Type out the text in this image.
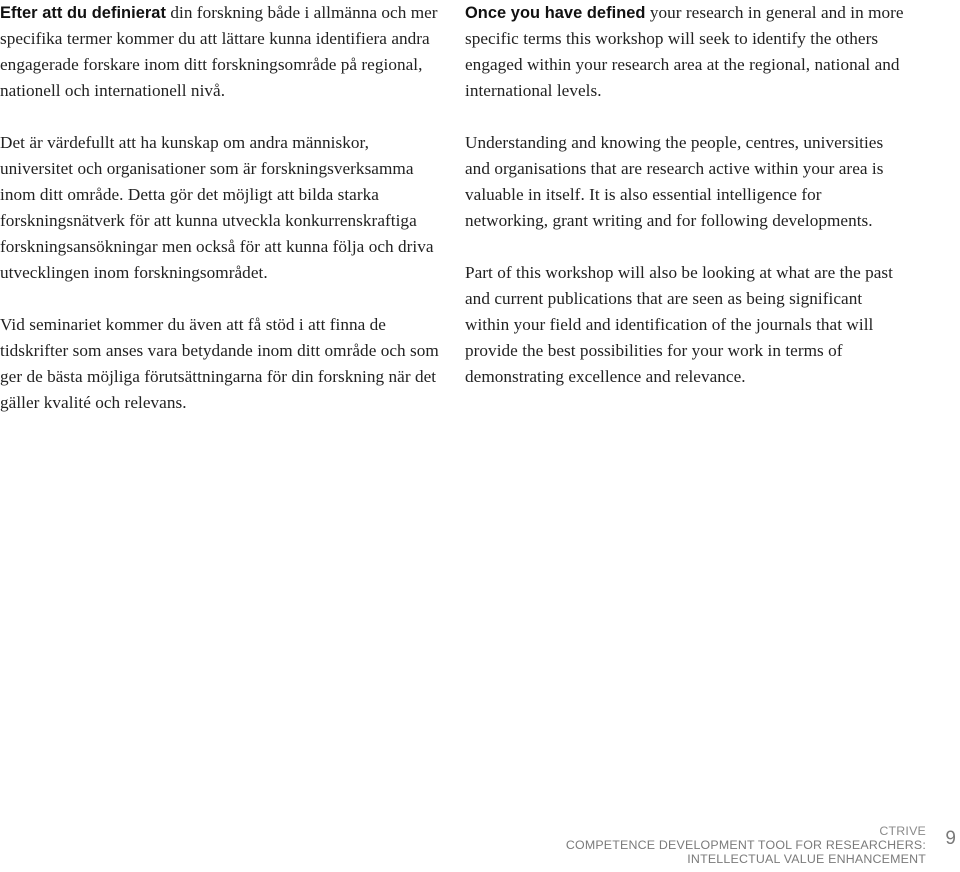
Efter att du definierat din forskning både i allmänna och mer specifika termer kommer du att lättare kunna identifiera andra engagerade forskare inom ditt forskningsområde på regional, nationell och internationell nivå.

Det är värdefullt att ha kunskap om andra människor, universitet och organisationer som är forskningsverksamma inom ditt område. Detta gör det möjligt att bilda starka forskningsnätverk för att kunna utveckla konkurrenskraftiga forskningsansökningar men också för att kunna följa och driva utvecklingen inom forskningsområdet.

Vid seminariet kommer du även att få stöd i att finna de tidskrifter som anses vara betydande inom ditt område och som ger de bästa möjliga förutsättningarna för din forskning när det gäller kvalité och relevans.

Once you have defined your research in general and in more specific terms this workshop will seek to identify the others engaged within your research area at the regional, national and international levels.

Understanding and knowing the people, centres, universities and organisations that are research active within your area is valuable in itself. It is also essential intelligence for networking, grant writing and for following developments.

Part of this workshop will also be looking at what are the past and current publications that are seen as being significant within your field and identification of the journals that will provide the best possibilities for your work in terms of demonstrating excellence and relevance.

CTRIVE
COMPETENCE DEVELOPMENT TOOL FOR RESEARCHERS:
INTELLECTUAL VALUE ENHANCEMENT
9
